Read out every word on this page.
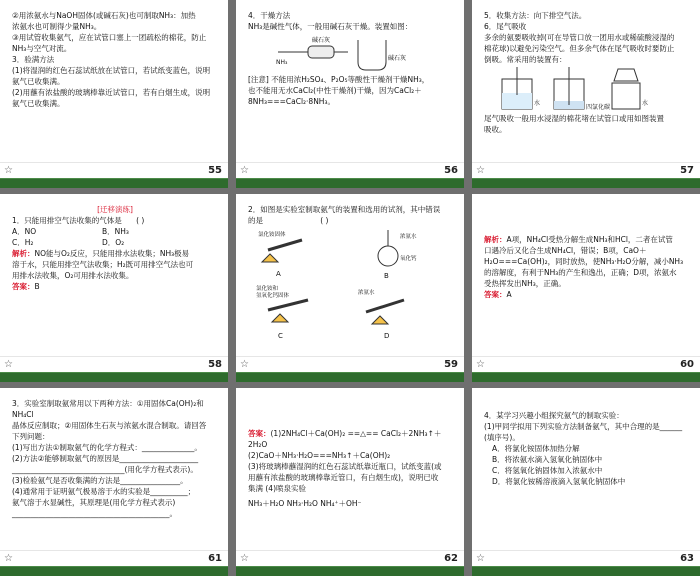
②用浓氨水与NaOH固体(或碱石灰)也可制取NH₃：加热

浓氨水也可制得少量NH₃。

③用试管收集氨气，应在试管口塞上一团疏松的棉花，防止

NH₃与空气对流。

3．验满方法

(1)将湿润的红色石蕊试纸放在试管口，若试纸变蓝色，说明

氨气已收集满。

(2)用蘸有浓盐酸的玻璃棒靠近试管口，若有白烟生成，说明

氨气已收集满。

☆	55

4．干燥方法

NH₃是碱性气体，一般用碱石灰干燥。装置如图：

NH₃
碱石灰
碱石灰

[注意] 不能用浓H₂SO₄、P₂O₅等酸性干燥剂干燥NH₃，

也不能用无水CaCl₂(中性干燥剂)干燥，因为CaCl₂＋

8NH₃===CaCl₂·8NH₃。

☆	56

5．收集方法：向下排空气法。

6．尾气吸收

多余的氨要吸收掉(可在导管口放一团用水或稀硫酸浸湿的

棉花球)以避免污染空气。但多余气体在尾气吸收时要防止

倒吸。常采用的装置有：

水
四氯化碳
水

尾气吸收一般用水浸湿的棉花堵在试管口或用如图装置

吸收。

☆	57

[迁移演练]

1．只能用排空气法收集的气体是 ( )

A．NO	B．NH₃

C．H₂	D．O₂

解析：NO能与O₂反应，只能用排水法收集；NH₃极易

溶于水，只能用排空气法收集；H₂既可用排空气法也可

用排水法收集，O₂可用排水法收集。

答案：B

☆	58

2．如图是实验室制取氨气的装置和选用的试剂，其中错误

的是	( )

氯化铵固体
A
浓氨水
氧化钙
B
氯化铵和
氢氧化钙固体
C
浓氨水
D
☆	59

解析：A项，NH₄Cl受热分解生成NH₃和HCl，二者在试管

口遇冷后又化合生成NH₄Cl，错误；B项，CaO＋

H₂O===Ca(OH)₂，同时放热，使NH₃·H₂O分解，减小NH₃

的溶解度，有利于NH₃的产生和逸出，正确；D项，浓氨水

受热挥发出NH₃，正确。

答案：A

☆	60

3．实验室制取氨常用以下两种方法：①用固体Ca(OH)₂和NH₄Cl

晶体反应制取；②用固体生石灰与浓氨水混合制取。请回答

下列问题：

(1)写出方法①制取氨气的化学方程式：______________。

(2)方法②能够制取氨气的原因是_____________________

______________________________(用化学方程式表示)。

(3)检验氨气是否收集满的方法是________________。

(4)通常用于证明氨气极易溶于水的实验是__________；

氨气溶于水显碱性，其原理是(用化学方程式表示)

__________________________________________。

☆	61

答案：(1)2NH₄Cl＋Ca(OH)₂ ==△== CaCl₂＋2NH₃↑＋2H₂O

(2)CaO＋NH₃·H₂O===NH₃↑＋Ca(OH)₂

(3)将玻璃棒蘸湿润的红色石蕊试纸靠近瓶口，试纸变蓝(或

用蘸有浓盐酸的玻璃棒靠近管口，有白烟生成)，说明已收

集满 (4)喷泉实验

NH₃＋H₂O NH₃·H₂O NH₄⁺＋OH⁻

☆	62

4．某学习兴趣小组探究氨气的制取实验：

(1)甲同学拟用下列实验方法制备氨气，其中合理的是______

(填序号)。

A．将氯化铵固体加热分解

B．将浓氨水滴入氢氧化钠固体中

C．将氢氧化钠固体加入浓氨水中

D．将氯化铵稀溶液滴入氢氧化钠固体中

☆	63
